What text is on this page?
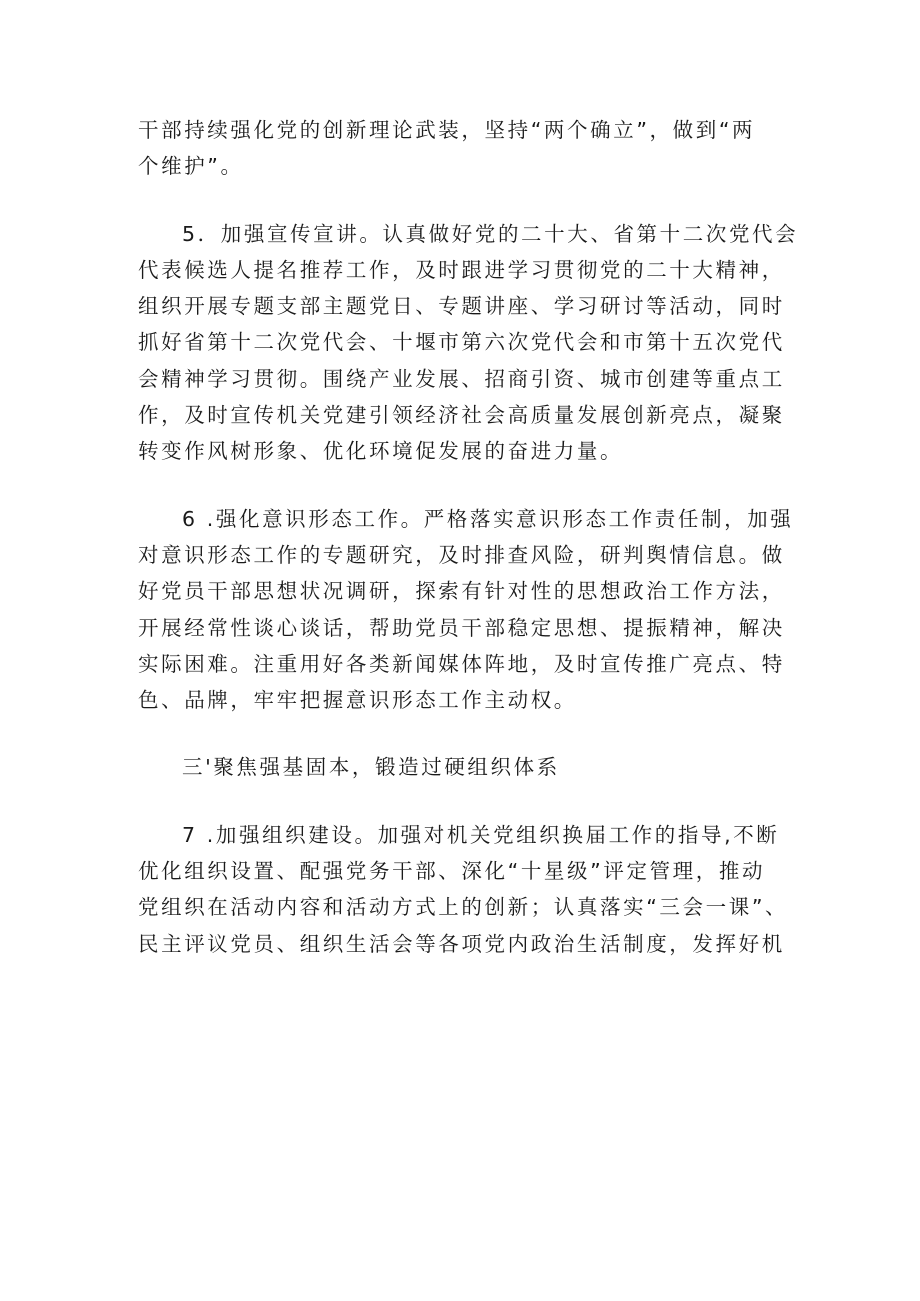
干部持续强化党的创新理论武装，坚持“两个确立”，做到“两
个维护”。
5．加强宣传宣讲。认真做好党的二十大、省第十二次党代会
代表候选人提名推荐工作，及时跟进学习贯彻党的二十大精神，
组织开展专题支部主题党日、专题讲座、学习研讨等活动，同时
抓好省第十二次党代会、十堰市第六次党代会和市第十五次党代
会精神学习贯彻。围绕产业发展、招商引资、城市创建等重点工
作，及时宣传机关党建引领经济社会高质量发展创新亮点，凝聚
转变作风树形象、优化环境促发展的奋进力量。
6 .强化意识形态工作。严格落实意识形态工作责任制，加强
对意识形态工作的专题研究，及时排查风险，研判舆情信息。做
好党员干部思想状况调研，探索有针对性的思想政治工作方法，
开展经常性谈心谈话，帮助党员干部稳定思想、提振精神，解决
实际困难。注重用好各类新闻媒体阵地，及时宣传推广亮点、特
色、品牌，牢牢把握意识形态工作主动权。
三'聚焦强基固本，锻造过硬组织体系
7 .加强组织建设。加强对机关党组织换届工作的指导,不断
优化组织设置、配强党务干部、深化“十星级”评定管理，推动
党组织在活动内容和活动方式上的创新；认真落实“三会一课”、
民主评议党员、组织生活会等各项党内政治生活制度，发挥好机
